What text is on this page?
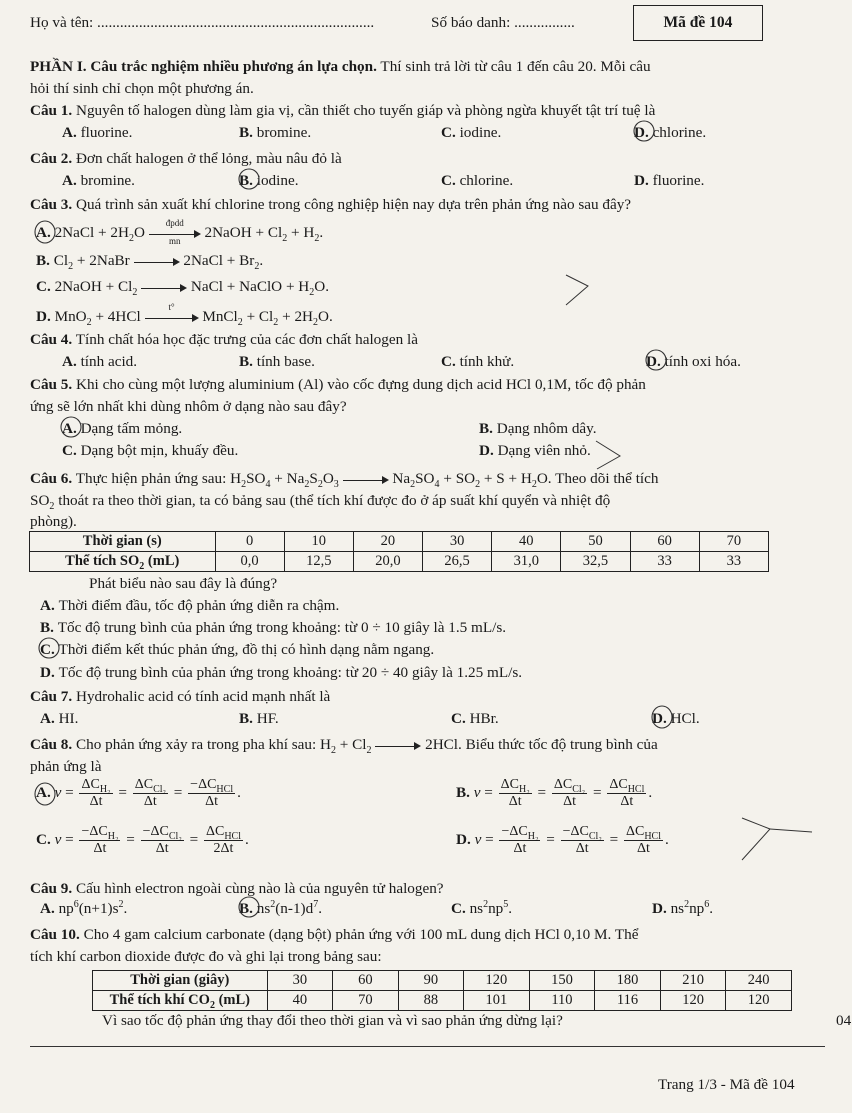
Họ và tên: .........................................................................	Số báo danh: ................	Mã đề 104
PHẦN I. Câu trắc nghiệm nhiều phương án lựa chọn. Thí sinh trả lời từ câu 1 đến câu 20. Mỗi câu
hỏi thí sinh chỉ chọn một phương án.
Câu 1. Nguyên tố halogen dùng làm gia vị, cần thiết cho tuyến giáp và phòng ngừa khuyết tật trí tuệ là
A. fluorine.	B. bromine.	C. iodine.	D. chlorine.
Câu 2. Đơn chất halogen ở thể lỏng, màu nâu đỏ là
A. bromine.	B. iodine.	C. chlorine.	D. fluorine.
Câu 3. Quá trình sản xuất khí chlorine trong công nghiệp hiện nay dựa trên phản ứng nào sau đây?
A. 2NaCl + $2H_2O$
đpdd
mn	2NaOH + $Cl_2 + H_2$.
B. $Cl_2$ + 2NaBr	2NaCl + $Br_2$.
C. 2NaOH + $Cl_2$	NaCl + NaClO + $H_2O$.
D. MnO$_2$ + 4HCl
t°
MnCl$_2$ + $Cl_2 + 2H_2O$.
Câu 4. Tính chất hóa học đặc trưng của các đơn chất halogen là
A. tính acid.	B. tính base.	C. tính khử.	D. tính oxi hóa.
Câu 5. Khi cho cùng một lượng aluminium (Al) vào cốc đựng dung dịch acid HCl 0,1M, tốc độ phản
ứng sẽ lớn nhất khi dùng nhôm ở dạng nào sau đây?
A. Dạng tấm mỏng.	B. Dạng nhôm dây.
C. Dạng bột mịn, khuấy đều.	D. Dạng viên nhỏ.
Câu 6. Thực hiện phản ứng sau: $H_2SO_4 + Na_2S_2O_3$	$Na_2SO_4 + SO_2 + S + H_2O$. Theo dõi thể tích
$SO_2$ thoát ra theo thời gian, ta có bảng sau (thể tích khí được đo ở áp suất khí quyển và nhiệt độ
phòng).
Thời gian (s)	0	10	20	30	40	50	60	70
Thể tích $SO_2$ (mL)	0,0	12,5	20,0	26,5	31,0	32,5	33	33
Phát biểu nào sau đây là đúng?
A. Thời điểm đầu, tốc độ phản ứng diễn ra chậm.
B. Tốc độ trung bình của phản ứng trong khoảng: từ 0 ÷ 10 giây là 1.5 mL/s.
C. Thời điểm kết thúc phản ứng, đồ thị có hình dạng nằm ngang.
D. Tốc độ trung bình của phản ứng trong khoảng: từ 20 ÷ 40 giây là 1.25 mL/s.
Câu 7. Hydrohalic acid có tính acid mạnh nhất là
A. HI.	B. HF.	C. HBr.	D. HCl.
Câu 8. Cho phản ứng xảy ra trong pha khí sau: $H_2 + Cl_2$	2HCl. Biểu thức tốc độ trung bình của
phản ứng là
A. $v = \frac{\Delta C_{H_2}}{\Delta t} = \frac{\Delta C_{Cl_2}}{\Delta t} = \frac{-\Delta C_{HCl}}{\Delta t}$ .	B. $v = \frac{\Delta C_{H_2}}{\Delta t} = \frac{\Delta C_{Cl_2}}{\Delta t} = \frac{\Delta C_{HCl}}{\Delta t}$ .
C. $v = \frac{-\Delta C_{H_2}}{\Delta t} = \frac{-\Delta C_{Cl_2}}{\Delta t} = \frac{\Delta C_{HCl}}{2\Delta t}$ .	D. $v = \frac{-\Delta C_{H_2}}{\Delta t} = \frac{-\Delta C_{Cl_2}}{\Delta t} = \frac{\Delta C_{HCl}}{\Delta t}$ .
Câu 9. Cấu hình electron ngoài cùng nào là của nguyên tử halogen?
A. $np^6(n+1)s^2$.	B. $ns^2(n-1)d^7$.	C. $ns^2np^5$.	D. $ns^2np^6$.
Câu 10. Cho 4 gam calcium carbonate (dạng bột) phản ứng với 100 mL dung dịch HCl 0,10 M. Thể
tích khí carbon dioxide được đo và ghi lại trong bảng sau:
Thời gian (giây)	30	60	90	120	150	180	210	240
Thể tích khí $CO_2$ (mL)	40	70	88	101	110	116	120	120
Vì sao tốc độ phản ứng thay đổi theo thời gian và vì sao phản ứng dừng lại?	04
Trang 1/3 - Mã đề 104
